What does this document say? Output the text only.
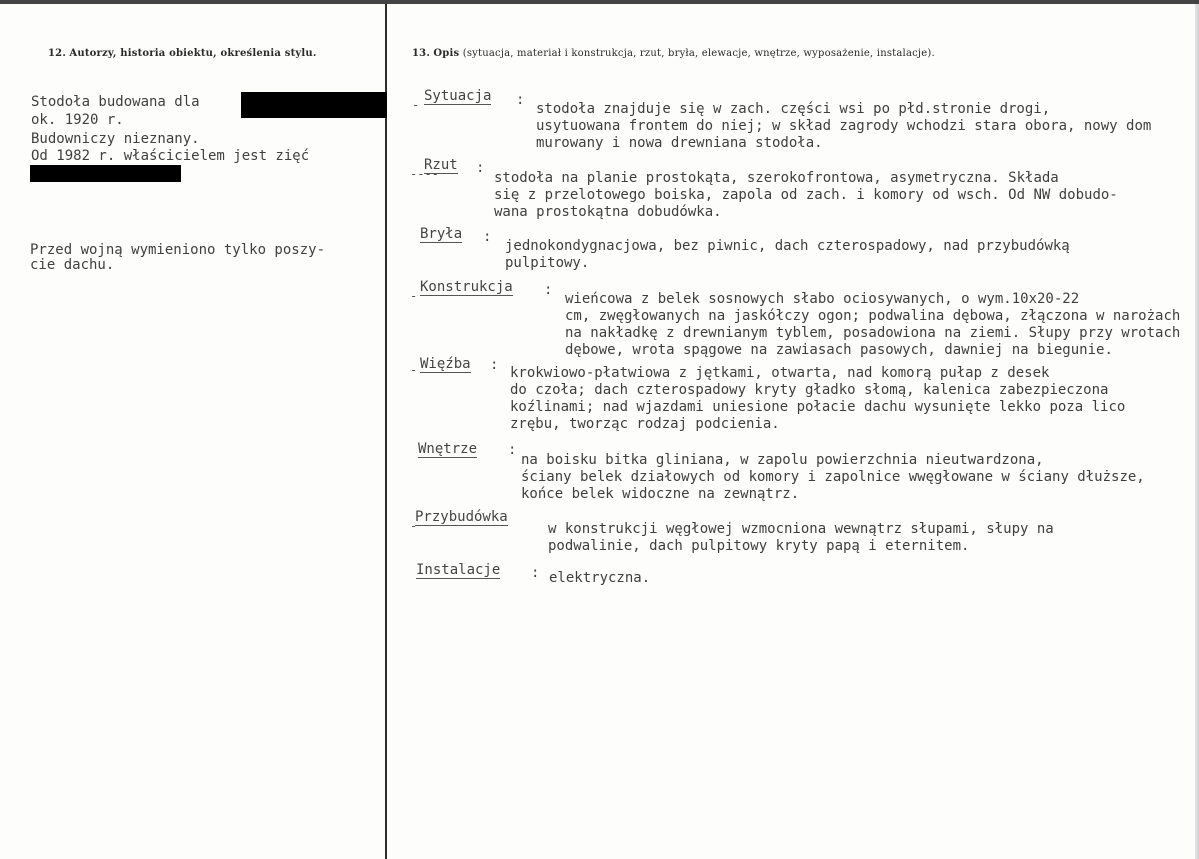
12. Autorzy, historia obiektu, określenia stylu.	13. Opis (sytuacja, materiał i konstrukcja, rzut, bryła, elewacje, wnętrze, wyposażenie, instalacje).
Stodoła budowana dla
ok. 1920 r.
Budowniczy nieznany.
Od 1982 r. właścicielem jest zięć
Przed wojną wymieniono tylko poszy-
cie dachu.
Sytuacja
-	:
stodoła znajduje się w zach. części wsi po płd.stronie drogi,
usytuowana frontem do niej; w skład zagrody wchodzi stara obora, nowy dom
murowany i nowa drewniana stodoła.
Rzut
----	:
stodoła na planie prostokąta, szerokofrontowa, asymetryczna. Składa
się z przelotowego boiska, zapola od zach. i komory od wsch. Od NW dobudo-
wana prostokątna dobudówka.
Bryła :
jednokondygnacjowa, bez piwnic, dach czterospadowy, nad przybudówką
pulpitowy.
Konstrukcja
-	:
wieńcowa z belek sosnowych słabo ociosywanych, o wym.10x20-22
cm, zwęgłowanych na jaskółczy ogon; podwalina dębowa, złączona w narożach
na nakładkę z drewnianym tyblem, posadowiona na ziemi. Słupy przy wrotach
dębowe, wrota spągowe na zawiasach pasowych, dawniej na biegunie.
Więźba
-	: krokwiowo-płatwiowa z jętkami, otwarta, nad komorą pułap z desek
do czoła; dach czterospadowy kryty gładko słomą, kalenica zabezpieczona
koźlinami; nad wjazdami uniesione połacie dachu wysunięte lekko poza lico
zrębu, tworząc rodzaj podcienia.
Wnętrze :
na boisku bitka gliniana, w zapolu powierzchnia nieutwardzona,
ściany belek działowych od komory i zapolnice wwęgłowane w ściany dłuższe,
końce belek widoczne na zewnątrz.
Przybudówka
-	w konstrukcji węgłowej wzmocniona wewnątrz słupami, słupy na
podwalinie, dach pulpitowy kryty papą i eternitem.
Instalacje : elektryczna.
